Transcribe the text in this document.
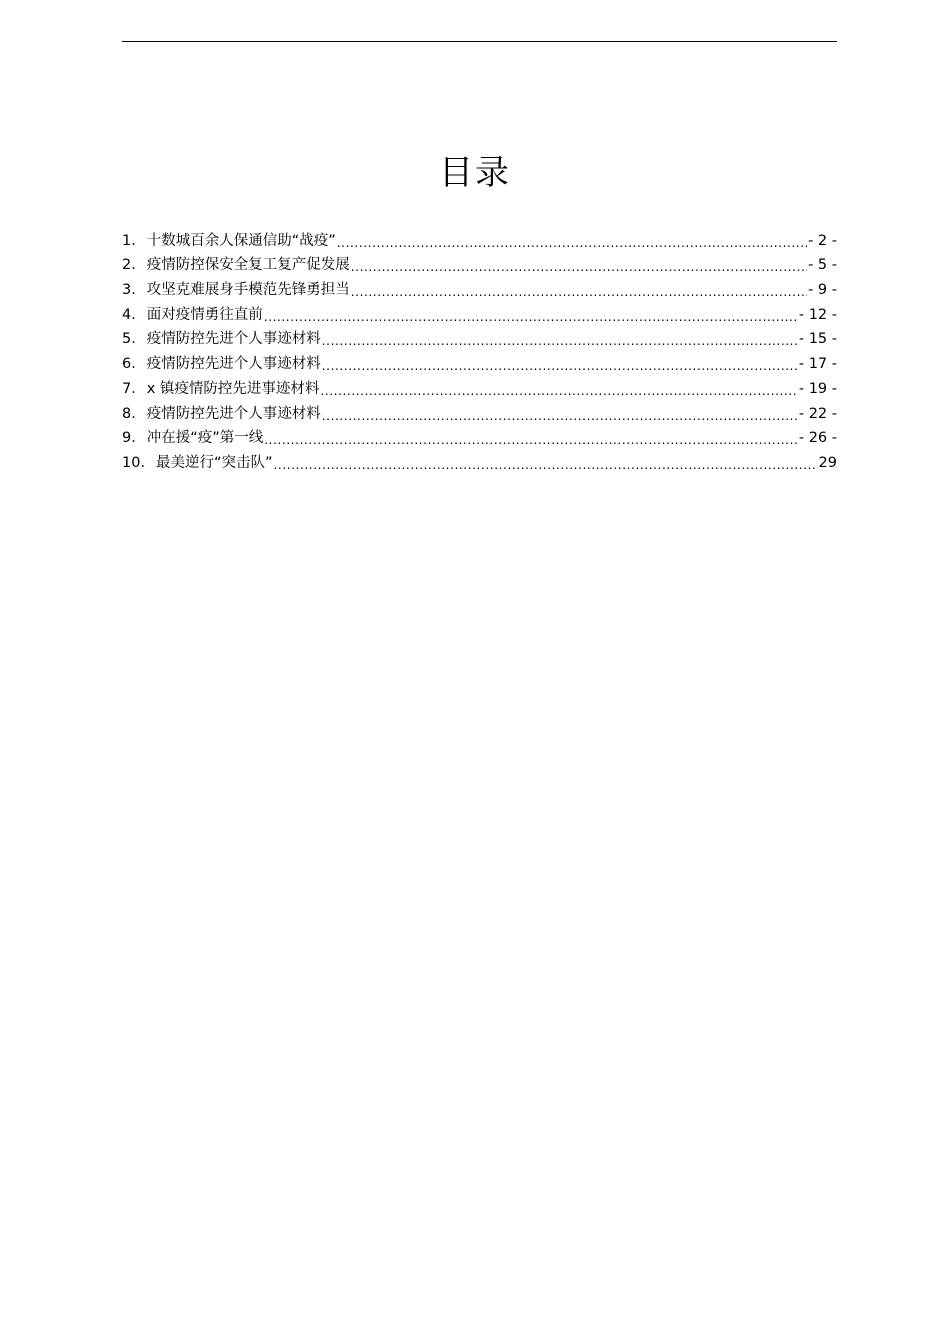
目录
1．十数城百余人保通信助“战疫” .....	- 2 -
2．疫情防控保安全复工复产促发展 .....	- 5 -
3．攻坚克难展身手模范先锋勇担当 .....	- 9 -
4．面对疫情勇往直前 .....	- 12 -
5．疫情防控先进个人事迹材料 .....	- 15 -
6．疫情防控先进个人事迹材料 .....	- 17 -
7．x 镇疫情防控先进事迹材料 .....	- 19 -
8．疫情防控先进个人事迹材料 .....	- 22 -
9．冲在援“疫”第一线 .....	- 26 -
10．最美逆行“突击队” .....	29
